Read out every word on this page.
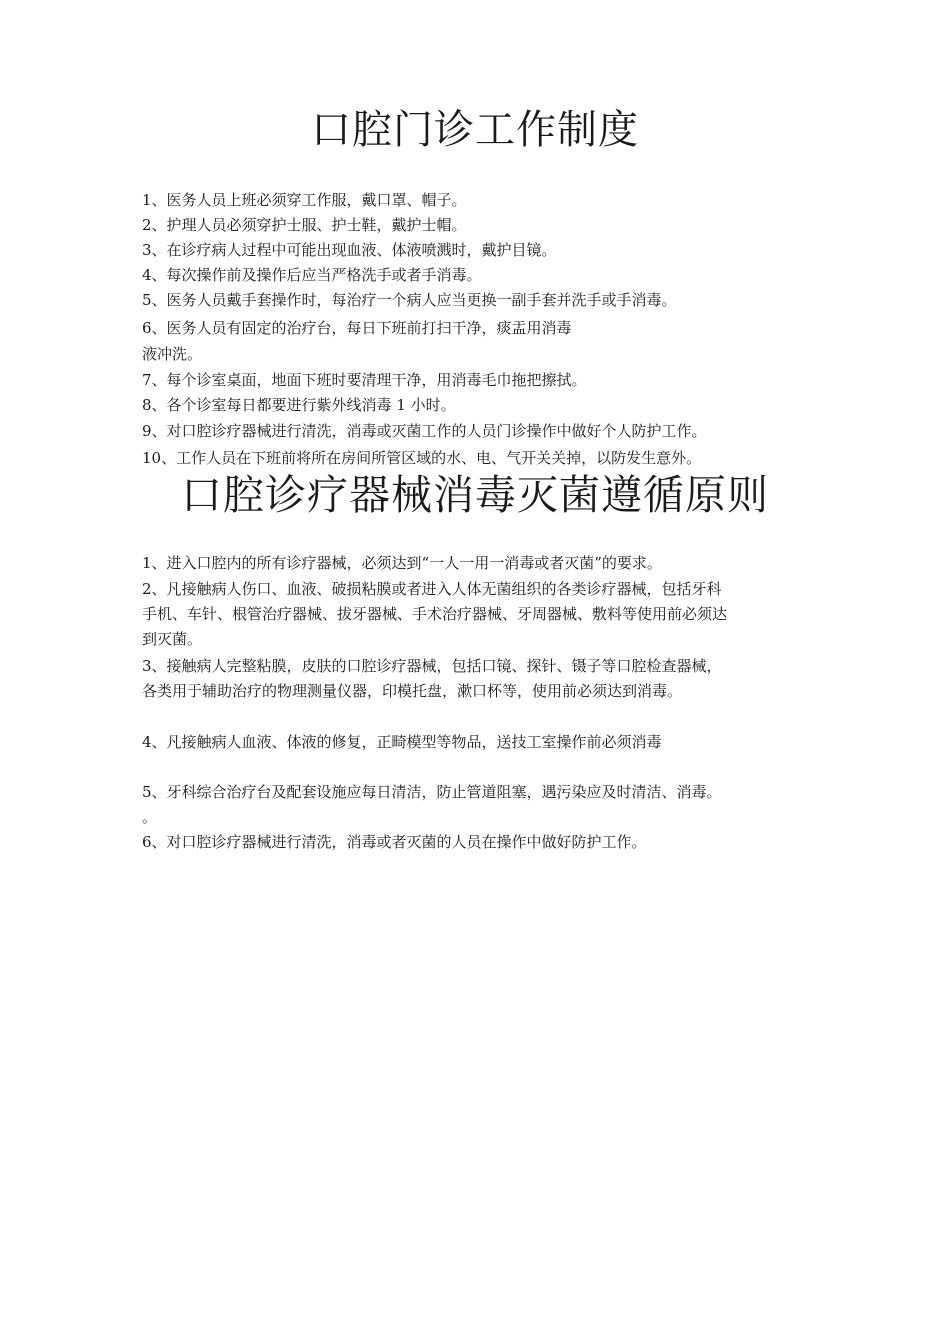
口腔门诊工作制度
1、医务人员上班必须穿工作服，戴口罩、帽子。
2、护理人员必须穿护士服、护士鞋，戴护士帽。
3、在诊疗病人过程中可能出现血液、体液喷溅时，戴护目镜。
4、每次操作前及操作后应当严格洗手或者手消毒。
5、医务人员戴手套操作时，每治疗一个病人应当更换一副手套并洗手或手消毒。
6、医务人员有固定的治疗台，每日下班前打扫干净，痰盂用消毒
液冲洗。
7、每个诊室桌面，地面下班时要清理干净，用消毒毛巾拖把擦拭。
8、各个诊室每日都要进行紫外线消毒 1 小时。
9、对口腔诊疗器械进行清洗，消毒或灭菌工作的人员门诊操作中做好个人防护工作。
10、工作人员在下班前将所在房间所管区域的水、电、气开关关掉，以防发生意外。
口腔诊疗器械消毒灭菌遵循原则
1、进入口腔内的所有诊疗器械，必须达到“一人一用一消毒或者灭菌”的要求。
2、凡接触病人伤口、血液、破损粘膜或者进入人体无菌组织的各类诊疗器械，包括牙科
手机、车针、根管治疗器械、拔牙器械、手术治疗器械、牙周器械、敷料等使用前必须达
到灭菌。
3、接触病人完整粘膜，皮肤的口腔诊疗器械，包括口镜、探针、镊子等口腔检查器械，
各类用于辅助治疗的物理测量仪器，印模托盘，漱口杯等，使用前必须达到消毒。
4、凡接触病人血液、体液的修复，正畸模型等物品，送技工室操作前必须消毒
5、牙科综合治疗台及配套设施应每日清洁，防止管道阻塞，遇污染应及时清洁、消毒。
。
6、对口腔诊疗器械进行清洗，消毒或者灭菌的人员在操作中做好防护工作。
